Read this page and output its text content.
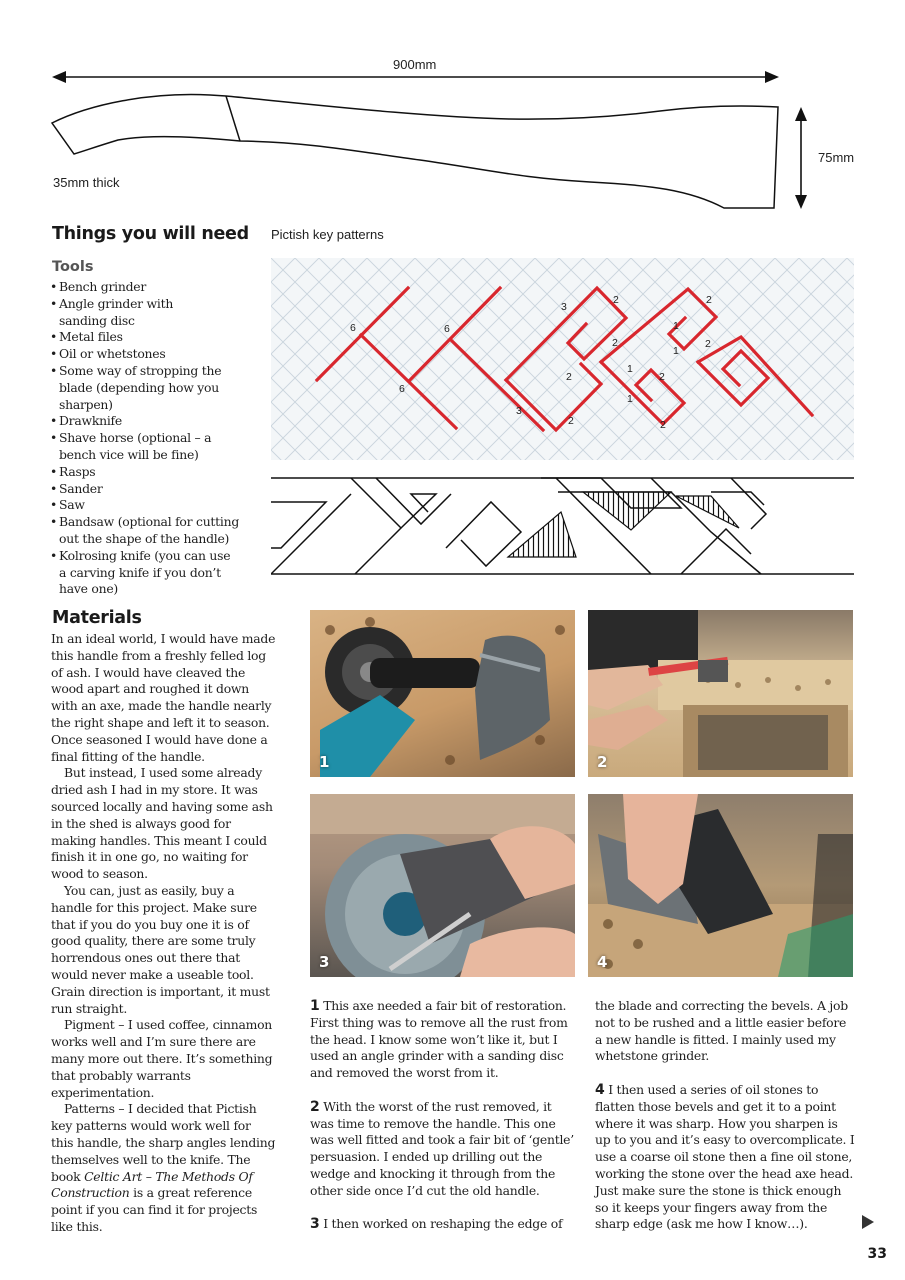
900mm
75mm
35mm thick
Things you will need
Tools
• Bench grinder
• Angle grinder with sanding disc
• Metal files
• Oil or whetstones
• Some way of stropping the blade (depending how you sharpen)
• Drawknife
• Shave horse (optional – a bench vice will be fine)
• Rasps
• Sander
• Saw
• Bandsaw (optional for cutting out the shape of the handle)
• Kolrosing knife (you can use a carving knife if you don’t have one)
Pictish key patterns
6	6
6
3
2
2
2
3
2
2
1
1
2
2
1
1
2
Materials

In an ideal world, I would have made this handle from a freshly felled log of ash. I would have cleaved the wood apart and roughed it down with an axe, made the handle nearly the right shape and left it to season. Once seasoned I would have done a final fitting of the handle.

But instead, I used some already dried ash I had in my store. It was sourced locally and having some ash in the shed is always good for making handles. This meant I could finish it in one go, no waiting for wood to season.

You can, just as easily, buy a handle for this project. Make sure that if you do you buy one it is of good quality, there are some truly horrendous ones out there that would never make a useable tool. Grain direction is important, it must run straight.

Pigment – I used coffee, cinnamon works well and I’m sure there are many more out there. It’s something that probably warrants experimentation.

Patterns – I decided that Pictish key patterns would work well for this handle, the sharp angles lending themselves well to the knife. The book Celtic Art – The Methods Of Construction is a great reference point if you can find it for projects like this.

1	2
3	4

1 This axe needed a fair bit of restoration. First thing was to remove all the rust from the head. I know some won’t like it, but I used an angle grinder with a sanding disc and removed the worst from it.

2 With the worst of the rust removed, it was time to remove the handle. This one was well fitted and took a fair bit of ‘gentle’ persuasion. I ended up drilling out the wedge and knocking it through from the other side once I’d cut the old handle.

3 I then worked on reshaping the edge of

the blade and correcting the bevels. A job not to be rushed and a little easier before a new handle is fitted. I mainly used my whetstone grinder.

4 I then used a series of oil stones to flatten those bevels and get it to a point where it was sharp. How you sharpen is up to you and it’s easy to overcomplicate. I use a coarse oil stone then a fine oil stone, working the stone over the head axe head. Just make sure the stone is thick enough so it keeps your fingers away from the sharp edge (ask me how I know…).

33
